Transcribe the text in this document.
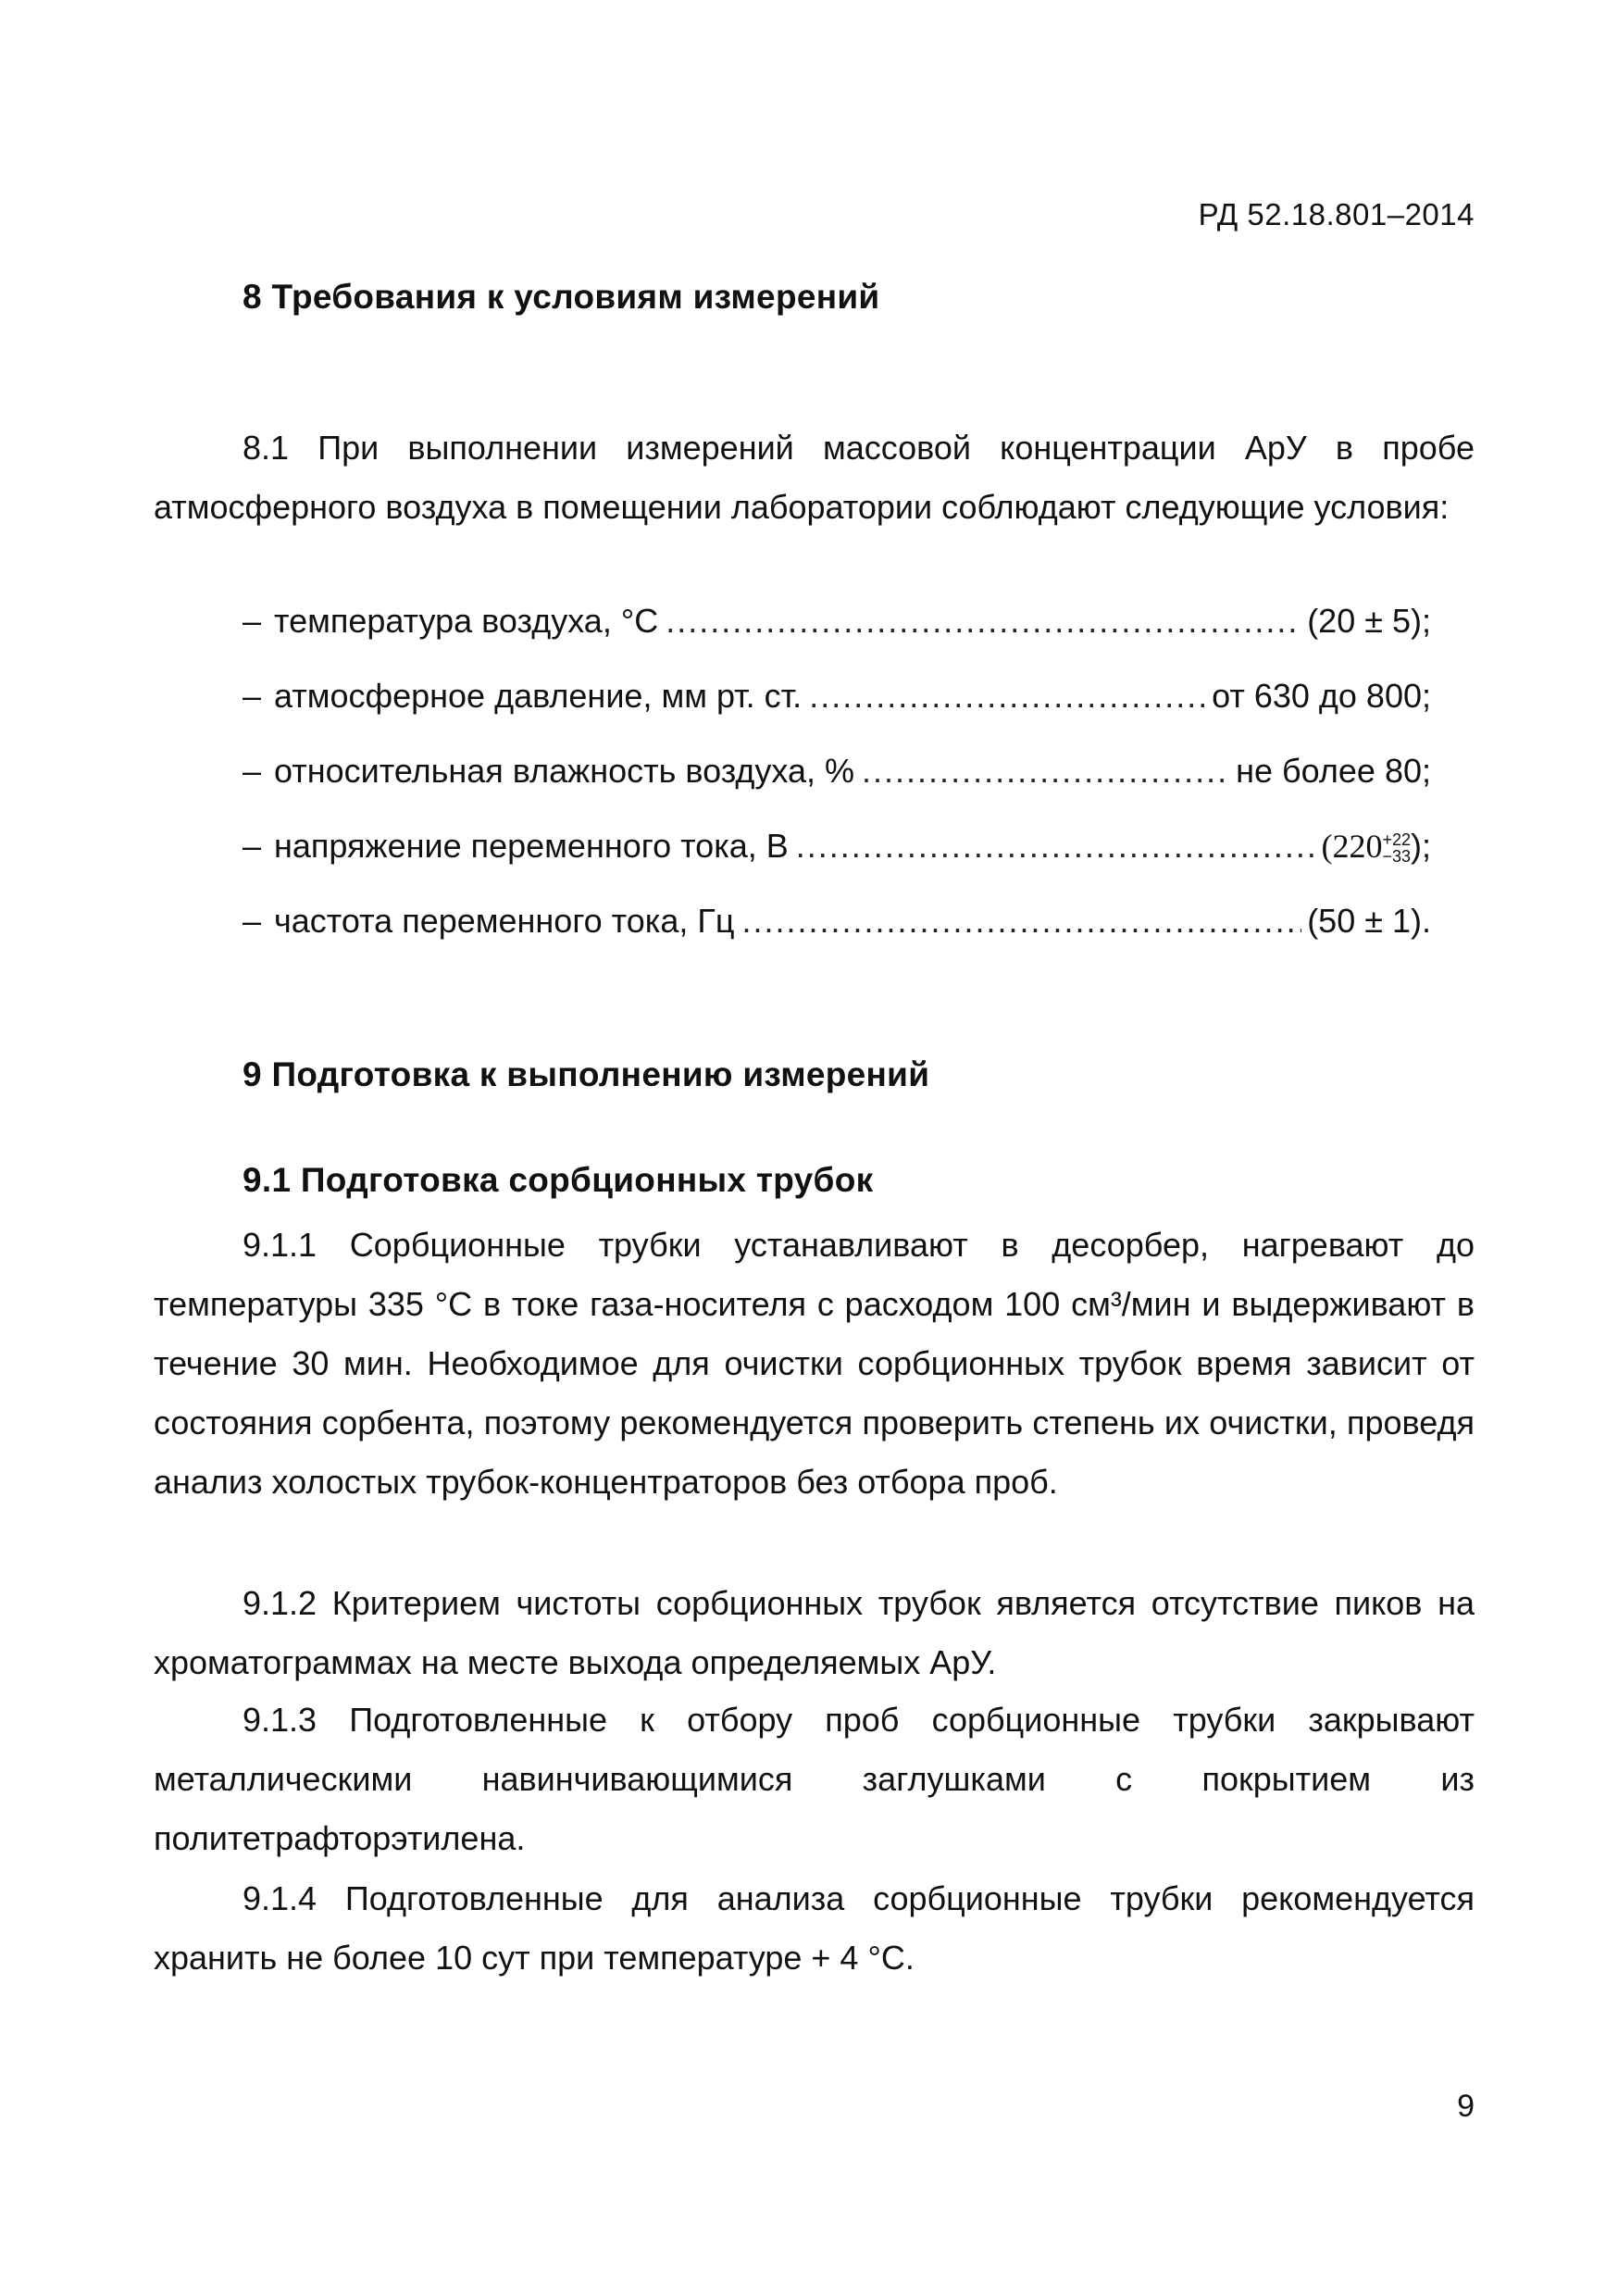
РД 52.18.801–2014
8 Требования к условиям измерений
8.1 При выполнении измерений массовой концентрации АрУ в пробе атмосферного воздуха в помещении лаборатории соблюдают следующие условия:
– температура воздуха, °С .....	(20 ± 5);
– атмосферное давление, мм рт. ст. .....	от 630 до 800;
– относительная влажность воздуха, % .....	не более 80;
– напряжение переменного тока, В .....	(220 +22
−33 );
– частота переменного тока, Гц .....	(50 ± 1).
9 Подготовка к выполнению измерений
9.1 Подготовка сорбционных трубок
9.1.1 Сорбционные трубки устанавливают в десорбер, нагревают до температуры 335 °С в токе газа-носителя с расходом 100 см³/мин и выдерживают в течение 30 мин. Необходимое для очистки сорбционных трубок время зависит от состояния сорбента, поэтому рекомендуется проверить степень их очистки, проведя анализ холостых трубок-концентраторов без отбора проб.
9.1.2 Критерием чистоты сорбционных трубок является отсутствие пиков на хроматограммах на месте выхода определяемых АрУ.
9.1.3 Подготовленные к отбору проб сорбционные трубки закрывают металлическими навинчивающимися заглушками с покрытием из политетрафторэтилена.
9.1.4 Подготовленные для анализа сорбционные трубки рекомендуется хранить не более 10 сут при температуре + 4 °С.
9
